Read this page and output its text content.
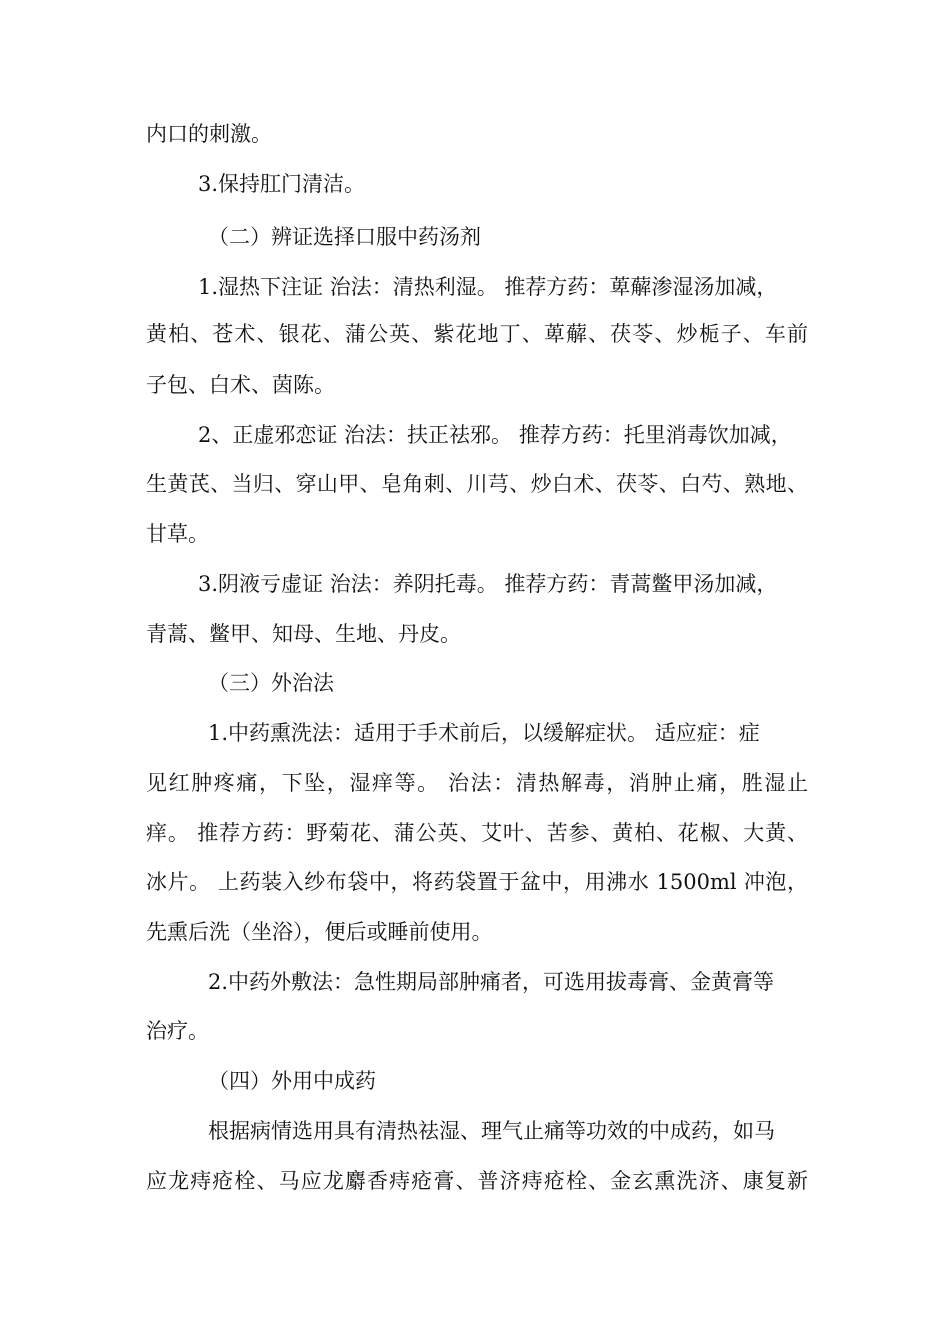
内口的刺激。
3.保持肛门清洁。
（二）辨证选择口服中药汤剂
1.湿热下注证 治法：清热利湿。 推荐方药：萆薢渗湿汤加减，
黄柏、苍术、银花、蒲公英、紫花地丁、萆薢、茯苓、炒栀子、车前
子包、白术、茵陈。
2、正虚邪恋证 治法：扶正祛邪。 推荐方药：托里消毒饮加减，
生黄芪、当归、穿山甲、皂角刺、川芎、炒白术、茯苓、白芍、熟地、
甘草。
3.阴液亏虚证 治法：养阴托毒。 推荐方药：青蒿鳖甲汤加减，
青蒿、鳖甲、知母、生地、丹皮。
（三）外治法
1.中药熏洗法：适用于手术前后，以缓解症状。 适应症：症
见红肿疼痛，下坠，湿痒等。 治法：清热解毒，消肿止痛，胜湿止
痒。 推荐方药：野菊花、蒲公英、艾叶、苦参、黄柏、花椒、大黄、
冰片。 上药装入纱布袋中，将药袋置于盆中，用沸水 1500ml 冲泡，
先熏后洗（坐浴），便后或睡前使用。
2.中药外敷法：急性期局部肿痛者，可选用拔毒膏、金黄膏等
治疗。
（四）外用中成药
根据病情选用具有清热祛湿、理气止痛等功效的中成药，如马
应龙痔疮栓、马应龙麝香痔疮膏、普济痔疮栓、金玄熏洗济、康复新
